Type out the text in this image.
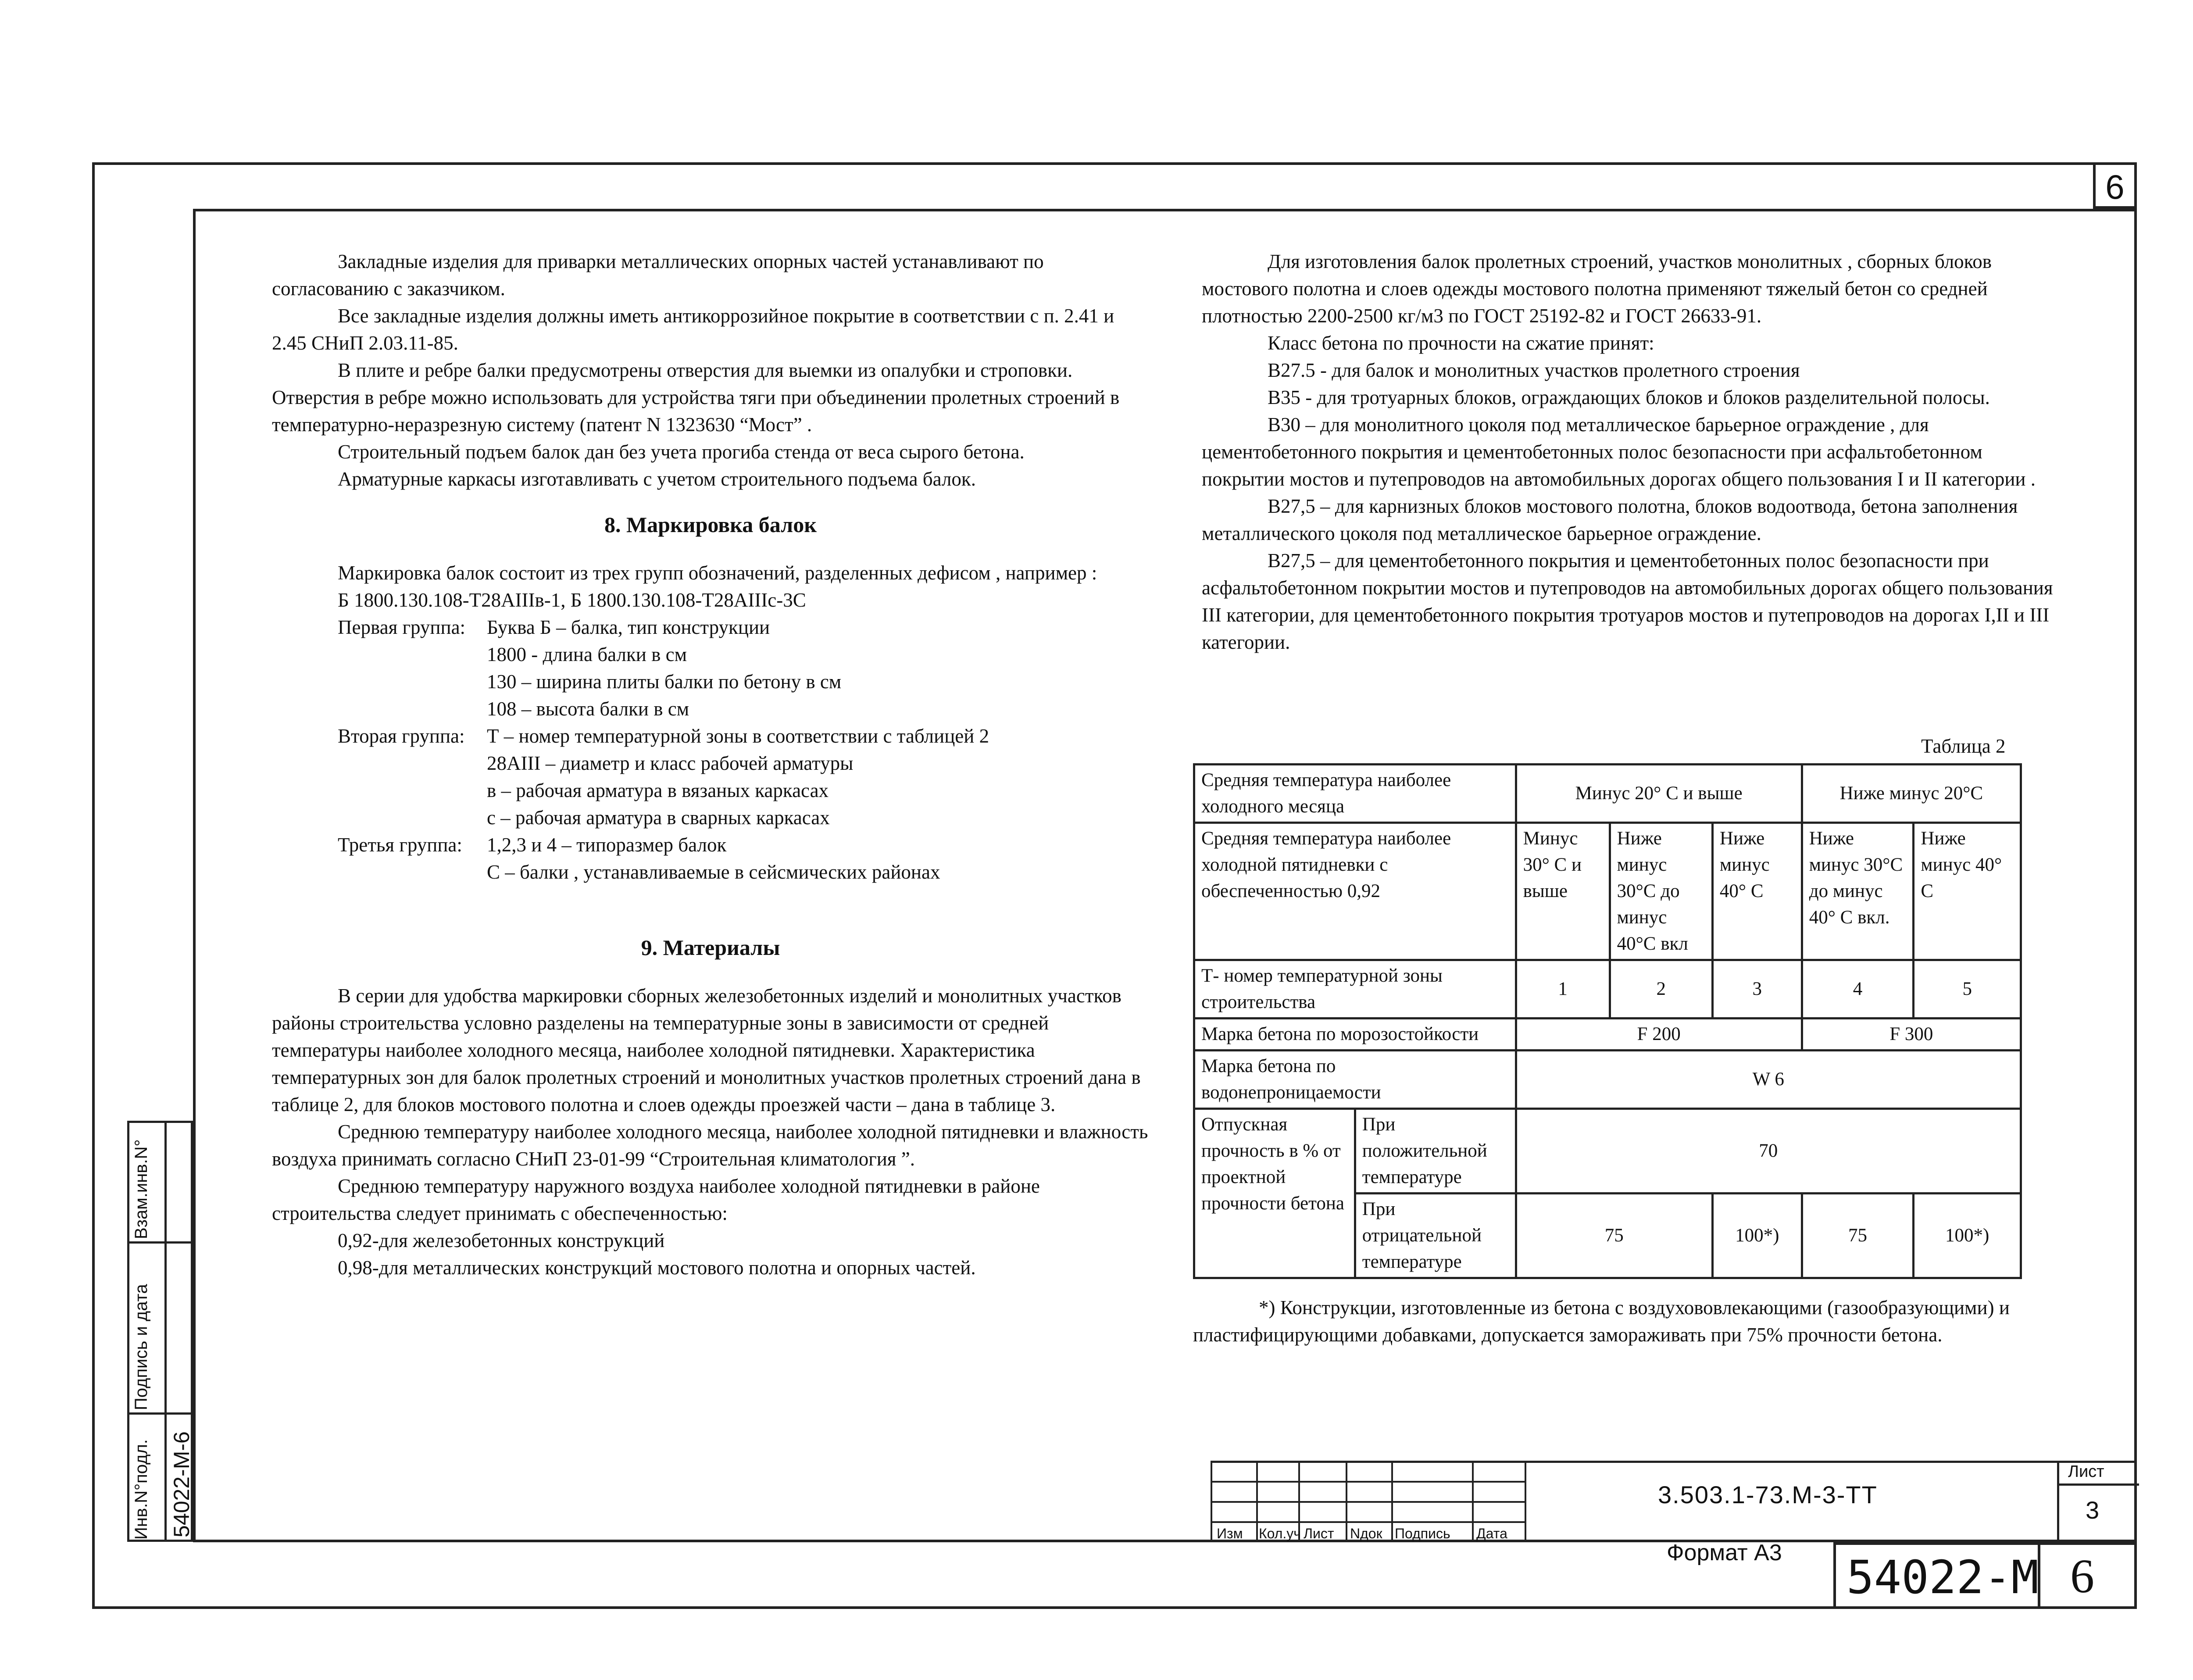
6

Закладные изделия для приварки металлических опорных частей устанавливают по согласованию с заказчиком.

Все закладные изделия должны иметь антикоррозийное покрытие в соответствии с п. 2.41 и 2.45 СНиП 2.03.11-85.

В плите и ребре балки предусмотрены отверстия для выемки из опалубки и строповки. Отверстия в ребре можно использовать для устройства тяги при объединении пролетных строений в температурно-неразрезную систему (патент N 1323630 “Мост” .

Строительный подъем балок дан без учета прогиба стенда от веса сырого бетона.

Арматурные каркасы изготавливать с учетом строительного подъема балок.

8. Маркировка балок

Маркировка балок состоит из трех групп обозначений, разделенных дефисом , например :

Б 1800.130.108-Т28АIIIв-1, Б 1800.130.108-Т28АIIIс-3С

Первая группа:	Буква Б – балка, тип конструкции
1800 - длина балки в см
130 – ширина плиты балки по бетону в см
108 – высота балки в см
Вторая группа:	Т – номер температурной зоны в соответствии с таблицей 2
28АIII – диаметр и класс рабочей арматуры
в – рабочая арматура в вязаных каркасах
с – рабочая арматура в сварных каркасах
Третья группа:	1,2,3 и 4 – типоразмер балок
С – балки , устанавливаемые в сейсмических районах

9. Материалы

В серии для удобства маркировки сборных железобетонных изделий и монолитных участков районы строительства условно разделены на температурные зоны в зависимости от средней температуры наиболее холодного месяца, наиболее холодной пятидневки. Характеристика температурных зон для балок пролетных строений и монолитных участков пролетных строений дана в таблице 2, для блоков мостового полотна и слоев одежды проезжей части – дана в таблице 3.

Среднюю температуру наиболее холодного месяца, наиболее холодной пятидневки и влажность воздуха принимать согласно СНиП 23-01-99 “Строительная климатология ”.

Среднюю температуру наружного воздуха наиболее холодной пятидневки в районе строительства следует принимать с обеспеченностью:

0,92-для железобетонных конструкций

0,98-для металлических конструкций мостового полотна и опорных частей.

Для изготовления балок пролетных строений, участков монолитных , сборных блоков мостового полотна и слоев одежды мостового полотна применяют тяжелый бетон со средней плотностью 2200-2500 кг/м3 по ГОСТ 25192-82 и ГОСТ 26633-91.

Класс бетона по прочности на сжатие принят:

В27.5 - для балок и монолитных участков пролетного строения

В35 - для тротуарных блоков, ограждающих блоков и блоков разделительной полосы.

В30 – для монолитного цоколя под металлическое барьерное ограждение , для цементобетонного покрытия и цементобетонных полос безопасности при асфальтобетонном покрытии мостов и путепроводов на автомобильных дорогах общего пользования I и II категории .

В27,5 – для карнизных блоков мостового полотна, блоков водоотвода, бетона заполнения металлического цоколя под металлическое барьерное ограждение.

В27,5 – для цементобетонного покрытия и цементобетонных полос безопасности при асфальтобетонном покрытии мостов и путепроводов на автомобильных дорогах общего пользования III категории, для цементобетонного покрытия тротуаров мостов и путепроводов на дорогах I,II и III категории.

Таблица 2
Средняя температура наиболее холодного месяца		Минус 20° С и выше			Ниже минус 20°С	
Средняя температура наиболее холодной пятидневки с обеспеченностью 0,92		Минус 30° С и выше	Ниже минус 30°С до минус 40°С вкл	Ниже минус 40° С	Ниже минус 30°С до минус 40° С вкл.	Ниже минус 40° С
Т- номер температурной зоны строительства		1	2	3	4	5
Марка бетона по морозостойкости		F 200			F 300	
Марка бетона по водонепроницаемости		W 6				
Отпускная прочность в % от проектной прочности бетона	При положительной температуре	70				
	При отрицательной температуре	75		100*)	75	100*)

*) Конструкции, изготовленные из бетона с воздухововлекающими (газообразующими) и пластифицирующими добавками, допускается замораживать при 75% прочности бетона.

Инв.N°подл.
Подпись и дата
Взам.инв.N°
54022-М-6	Изм Кол.уч Лист Nдок Подпись Дата
3.503.1-73.М-3-ТТ
Лист
3
Формат А3 54022-М 6
